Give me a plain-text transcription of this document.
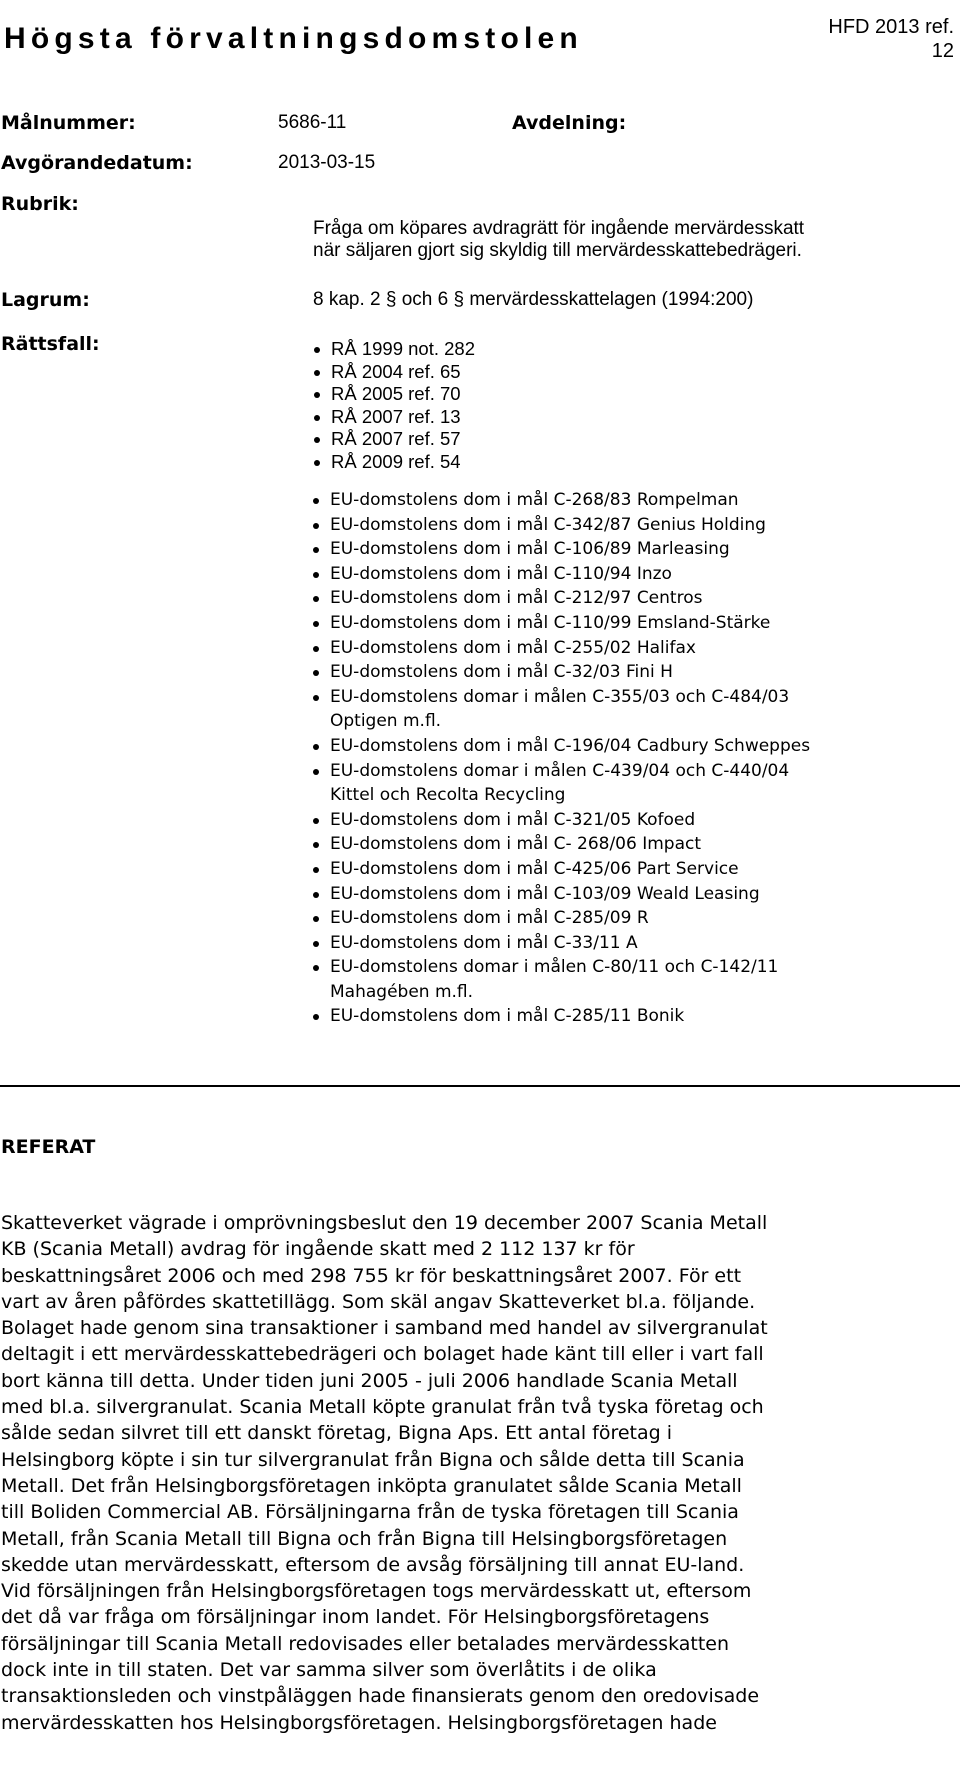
Högsta förvaltningsdomstolen	HFD 2013 ref.
12
Målnummer:	5686-11	Avdelning:
Avgörandedatum:	2013-03-15
Rubrik:
Fråga om köpares avdragrätt för ingående mervärdesskatt
när säljaren gjort sig skyldig till mervärdesskattebedrägeri.
Lagrum:	8 kap. 2 § och 6 § mervärdesskattelagen (1994:200)
Rättsfall:	RÅ 1999 not. 282
RÅ 2004 ref. 65
RÅ 2005 ref. 70
RÅ 2007 ref. 13
RÅ 2007 ref. 57
RÅ 2009 ref. 54
EU-domstolens dom i mål C-268/83 Rompelman
EU-domstolens dom i mål C-342/87 Genius Holding
EU-domstolens dom i mål C-106/89 Marleasing
EU-domstolens dom i mål C-110/94 Inzo
EU-domstolens dom i mål C-212/97 Centros
EU-domstolens dom i mål C-110/99 Emsland-Stärke
EU-domstolens dom i mål C-255/02 Halifax
EU-domstolens dom i mål C-32/03 Fini H
EU-domstolens domar i målen C-355/03 och C-484/03
Optigen m.fl.
EU-domstolens dom i mål C-196/04 Cadbury Schweppes
EU-domstolens domar i målen C-439/04 och C-440/04
Kittel och Recolta Recycling
EU-domstolens dom i mål C-321/05 Kofoed
EU-domstolens dom i mål C- 268/06 Impact
EU-domstolens dom i mål C-425/06 Part Service
EU-domstolens dom i mål C-103/09 Weald Leasing
EU-domstolens dom i mål C-285/09 R
EU-domstolens dom i mål C-33/11 A
EU-domstolens domar i målen C-80/11 och C-142/11
Mahagében m.fl.
EU-domstolens dom i mål C-285/11 Bonik
REFERAT
Skatteverket vägrade i omprövningsbeslut den 19 december 2007 Scania Metall
KB (Scania Metall) avdrag för ingående skatt med 2 112 137 kr för
beskattningsåret 2006 och med 298 755 kr för beskattningsåret 2007. För ett
vart av åren påfördes skattetillägg. Som skäl angav Skatteverket bl.a. följande.
Bolaget hade genom sina transaktioner i samband med handel av silvergranulat
deltagit i ett mervärdesskattebedrägeri och bolaget hade känt till eller i vart fall
bort känna till detta. Under tiden juni 2005 - juli 2006 handlade Scania Metall
med bl.a. silvergranulat. Scania Metall köpte granulat från två tyska företag och
sålde sedan silvret till ett danskt företag, Bigna Aps. Ett antal företag i
Helsingborg köpte i sin tur silvergranulat från Bigna och sålde detta till Scania
Metall. Det från Helsingborgsföretagen inköpta granulatet sålde Scania Metall
till Boliden Commercial AB. Försäljningarna från de tyska företagen till Scania
Metall, från Scania Metall till Bigna och från Bigna till Helsingborgsföretagen
skedde utan mervärdesskatt, eftersom de avsåg försäljning till annat EU-land.
Vid försäljningen från Helsingborgsföretagen togs mervärdesskatt ut, eftersom
det då var fråga om försäljningar inom landet. För Helsingborgsföretagens
försäljningar till Scania Metall redovisades eller betalades mervärdesskatten
dock inte in till staten. Det var samma silver som överlåtits i de olika
transaktionsleden och vinstpåläggen hade finansierats genom den oredovisade
mervärdesskatten hos Helsingborgsföretagen. Helsingborgsföretagen hade
